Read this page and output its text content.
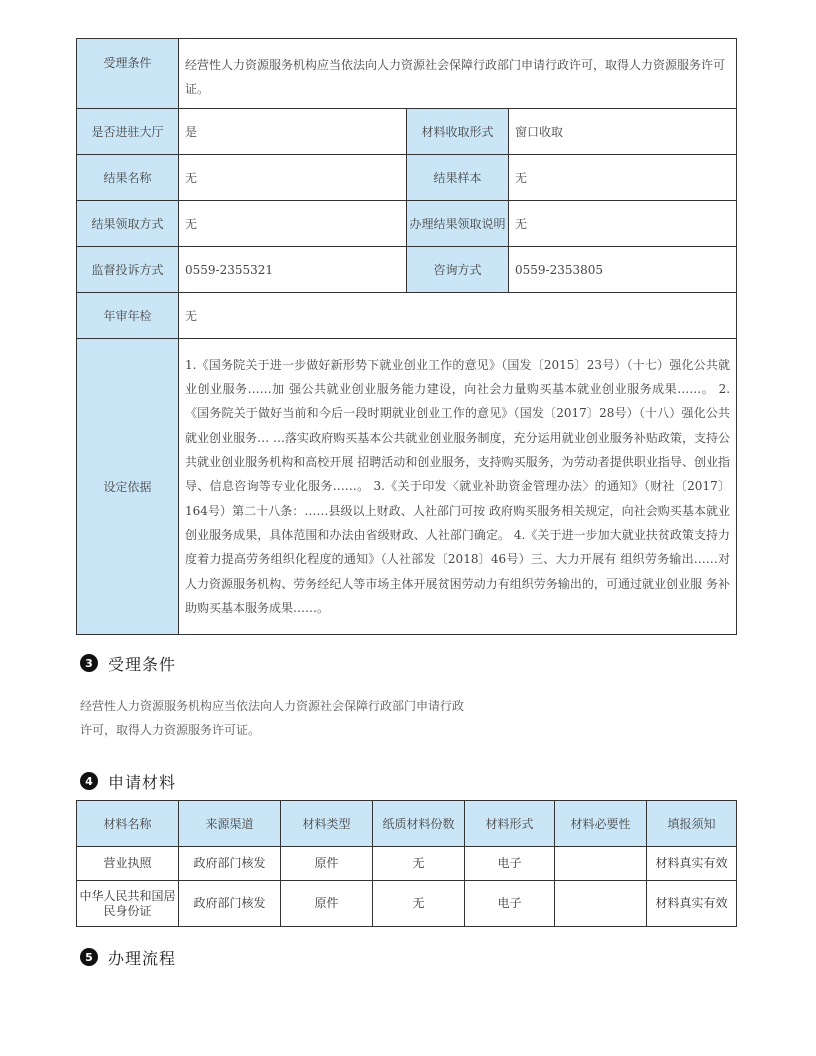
受理条件	经营性人力资源服务机构应当依法向人力资源社会保障行政部门申请行政许可，取得人力资源服务许可证。		
是否进驻大厅	是	材料收取形式	窗口收取
结果名称	无	结果样本	无
结果领取方式	无	办理结果领取说明	无
监督投诉方式	0559-2355321	咨询方式	0559-2353805
年审年检	无		
设定依据	1.《国务院关于进一步做好新形势下就业创业工作的意见》（国发〔2015〕23号）（十七）强化公共就业创业服务……加 强公共就业创业服务能力建设，向社会力量购买基本就业创业服务成果……。 2.《国务院关于做好当前和今后一段时期就业创业工作的意见》（国发〔2017〕28号）（十八）强化公共就业创业服务… …落实政府购买基本公共就业创业服务制度，充分运用就业创业服务补贴政策，支持公共就业创业服务机构和高校开展 招聘活动和创业服务，支持购买服务，为劳动者提供职业指导、创业指导、信息咨询等专业化服务……。 3.《关于印发〈就业补助资金管理办法〉的通知》（财社〔2017〕164号）第二十八条：……县级以上财政、人社部门可按 政府购买服务相关规定，向社会购买基本就业创业服务成果，具体范围和办法由省级财政、人社部门确定。 4.《关于进一步加大就业扶贫政策支持力度着力提高劳务组织化程度的通知》（人社部发〔2018〕46号）三、大力开展有 组织劳务输出……对人力资源服务机构、劳务经纪人等市场主体开展贫困劳动力有组织劳务输出的，可通过就业创业服 务补助购买基本服务成果……。		
3 受理条件
经营性人力资源服务机构应当依法向人力资源社会保障行政部门申请行政
许可，取得人力资源服务许可证。
4 申请材料
材料名称	来源渠道	材料类型	纸质材料份数	材料形式	材料必要性	填报须知
营业执照	政府部门核发	原件	无	电子		材料真实有效
中华人民共和国居民身份证	政府部门核发	原件	无	电子		材料真实有效
5 办理流程
